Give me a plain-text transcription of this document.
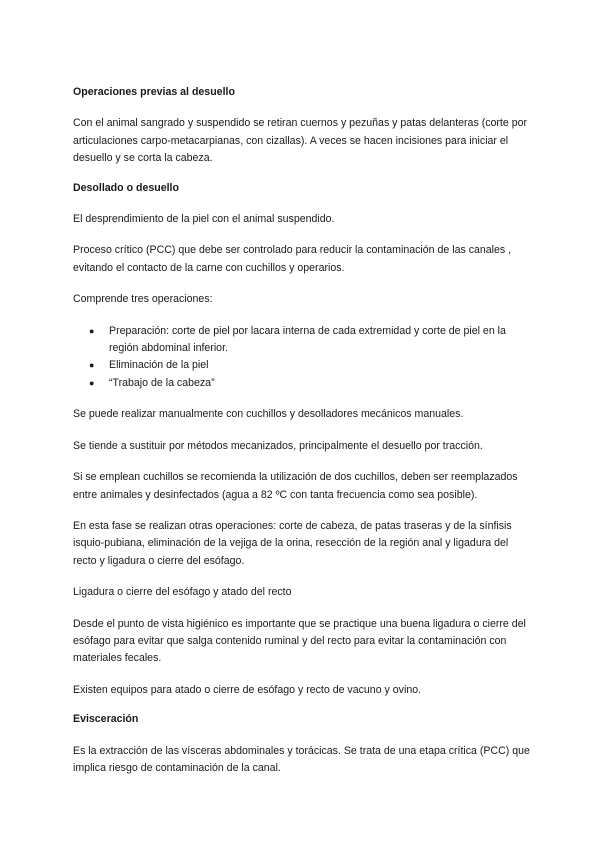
Operaciones previas al desuello

Con el animal sangrado y suspendido se retiran cuernos y pezuñas y patas delanteras (corte por articulaciones carpo-metacarpianas, con cizallas). A veces se hacen incisiones para iniciar el desuello y se corta la cabeza.

Desollado o desuello

El desprendimiento de la piel con el animal suspendido.

Proceso crítico (PCC) que debe ser controlado para reducir la contaminación de las canales , evitando el contacto de la carne con cuchillos y operarios.

Comprende tres operaciones:

● Preparación: corte de piel por lacara interna de cada extremidad y corte de piel en la región abdominal inferior.
● Eliminación de la piel
● “Trabajo de la cabeza”

Se puede realizar manualmente con cuchillos y desolladores mecánicos manuales.

Se tiende a sustituir por métodos mecanizados, principalmente el desuello por tracción.

Si se emplean cuchillos se recomienda la utilización de dos cuchillos, deben ser reemplazados entre animales y desinfectados (agua a 82 ºC con tanta frecuencia como sea posible).

En esta fase se realizan otras operaciones: corte de cabeza, de patas traseras y de la sínfisis isquio-pubiana, eliminación de la vejiga de la orina, resección de la región anal y ligadura del recto y ligadura o cierre del esófago.

Ligadura o cierre del esófago y atado del recto

Desde el punto de vista higiénico es importante que se practique una buena ligadura o cierre del esófago para evitar que salga contenido ruminal y del recto para evitar la contaminación con materiales fecales.

Existen equipos para atado o cierre de esófago y recto de vacuno y ovino.

Evisceración

Es la extracción de las vísceras abdominales y torácicas. Se trata de una etapa crítica (PCC) que implica riesgo de contaminación de la canal.
